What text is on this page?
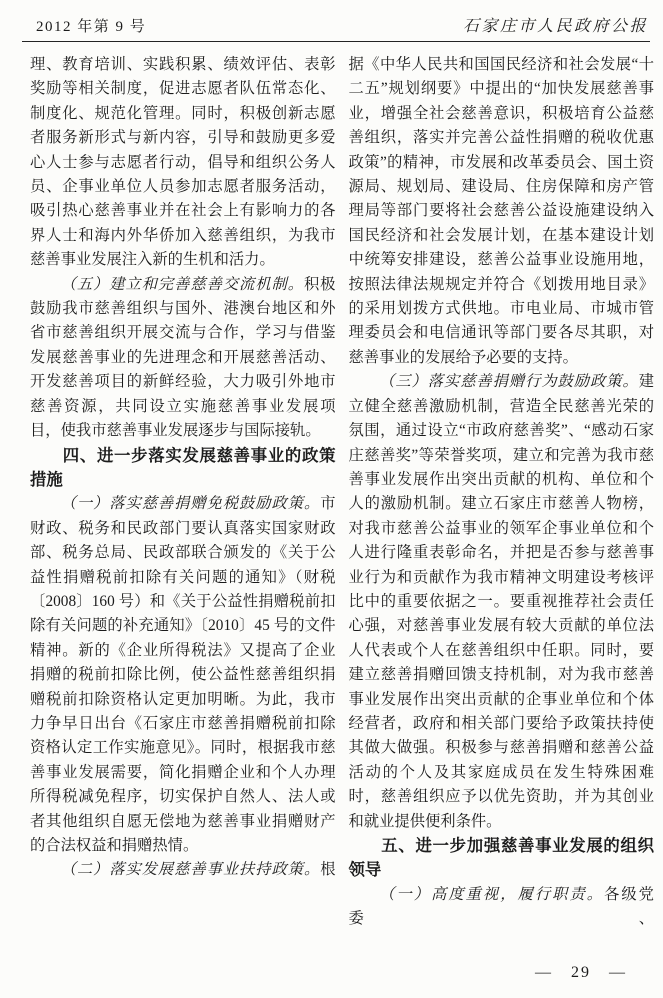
2012 年第 9 号	石家庄市人民政府公报

理、教育培训、实践积累、绩效评估、表彰奖励等相关制度，促进志愿者队伍常态化、制度化、规范化管理。同时，积极创新志愿者服务新形式与新内容，引导和鼓励更多爱心人士参与志愿者行动，倡导和组织公务人员、企事业单位人员参加志愿者服务活动，吸引热心慈善事业并在社会上有影响力的各界人士和海内外华侨加入慈善组织，为我市慈善事业发展注入新的生机和活力。

（五）建立和完善慈善交流机制。积极鼓励我市慈善组织与国外、港澳台地区和外省市慈善组织开展交流与合作，学习与借鉴发展慈善事业的先进理念和开展慈善活动、开发慈善项目的新鲜经验，大力吸引外地市慈善资源，共同设立实施慈善事业发展项目，使我市慈善事业发展逐步与国际接轨。

四、进一步落实发展慈善事业的政策措施

（一）落实慈善捐赠免税鼓励政策。市财政、税务和民政部门要认真落实国家财政部、税务总局、民政部联合颁发的《关于公益性捐赠税前扣除有关问题的通知》（财税〔2008〕160 号）和《关于公益性捐赠税前扣除有关问题的补充通知》〔2010〕45 号的文件精神。新的《企业所得税法》又提高了企业捐赠的税前扣除比例，使公益性慈善组织捐赠税前扣除资格认定更加明晰。为此，我市力争早日出台《石家庄市慈善捐赠税前扣除资格认定工作实施意见》。同时，根据我市慈善事业发展需要，简化捐赠企业和个人办理所得税减免程序，切实保护自然人、法人或者其他组织自愿无偿地为慈善事业捐赠财产的合法权益和捐赠热情。

（二）落实发展慈善事业扶持政策。根

据《中华人民共和国国民经济和社会发展“十二五”规划纲要》中提出的“加快发展慈善事业，增强全社会慈善意识，积极培育公益慈善组织，落实并完善公益性捐赠的税收优惠政策”的精神，市发展和改革委员会、国土资源局、规划局、建设局、住房保障和房产管理局等部门要将社会慈善公益设施建设纳入国民经济和社会发展计划，在基本建设计划中统筹安排建设，慈善公益事业设施用地，按照法律法规规定并符合《划拨用地目录》的采用划拨方式供地。市电业局、市城市管理委员会和电信通讯等部门要各尽其职，对慈善事业的发展给予必要的支持。

（三）落实慈善捐赠行为鼓励政策。建立健全慈善激励机制，营造全民慈善光荣的氛围，通过设立“市政府慈善奖”、“感动石家庄慈善奖”等荣誉奖项，建立和完善为我市慈善事业发展作出突出贡献的机构、单位和个人的激励机制。建立石家庄市慈善人物榜，对我市慈善公益事业的领军企事业单位和个人进行隆重表彰命名，并把是否参与慈善事业行为和贡献作为我市精神文明建设考核评比中的重要依据之一。要重视推荐社会责任心强，对慈善事业发展有较大贡献的单位法人代表或个人在慈善组织中任职。同时，要建立慈善捐赠回馈支持机制，对为我市慈善事业发展作出突出贡献的企事业单位和个体经营者，政府和相关部门要给予政策扶持使其做大做强。积极参与慈善捐赠和慈善公益活动的个人及其家庭成员在发生特殊困难时，慈善组织应予以优先资助，并为其创业和就业提供便利条件。

五、进一步加强慈善事业发展的组织领导

（一）高度重视，履行职责。各级党委、

— 29 —
